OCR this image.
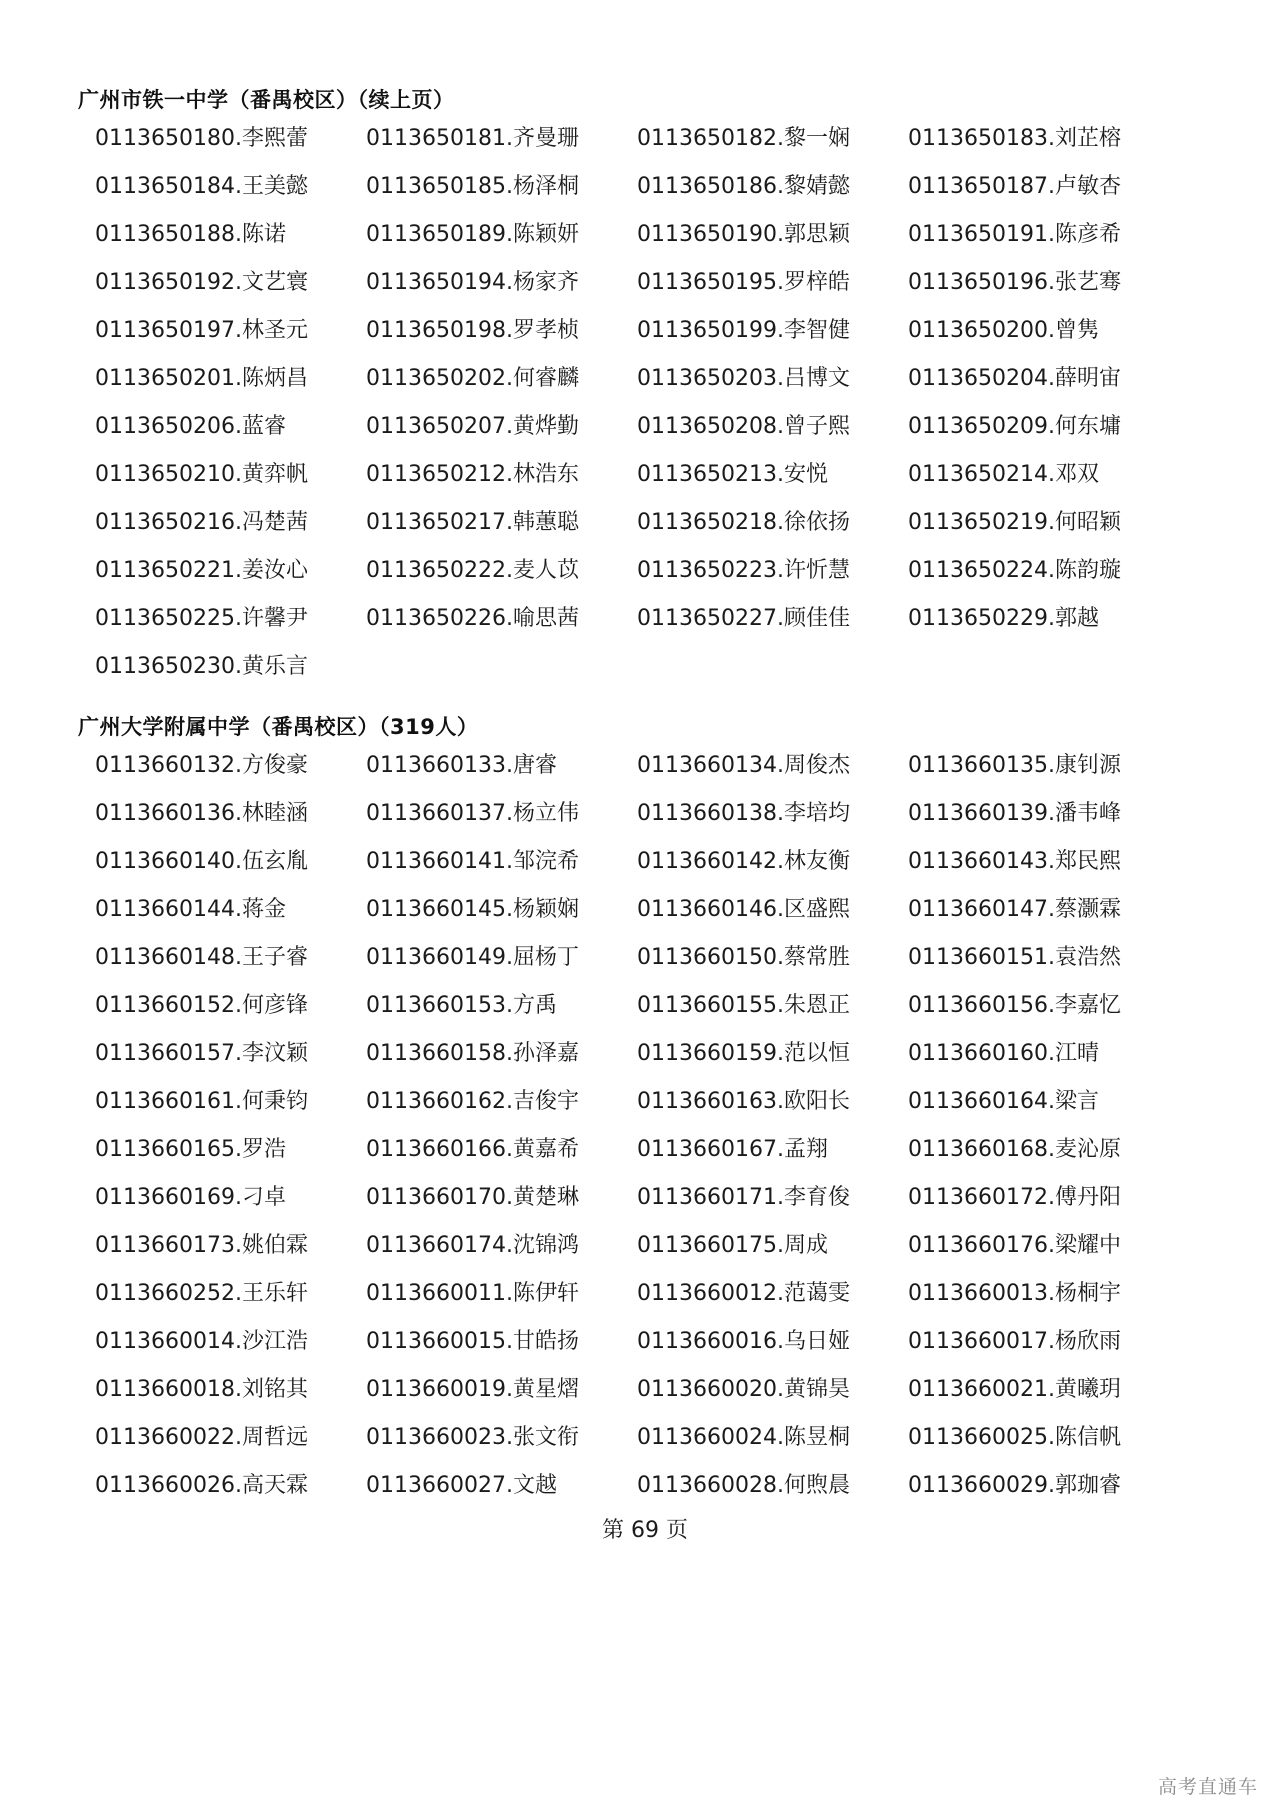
广州市铁一中学（番禺校区）（续上页）
0113650180.李熙蕾	0113650181.齐曼珊	0113650182.黎一娴	0113650183.刘芷榕
0113650184.王美懿	0113650185.杨泽桐	0113650186.黎婧懿	0113650187.卢敏杏
0113650188.陈诺	0113650189.陈颖妍	0113650190.郭思颖	0113650191.陈彦希
0113650192.文艺寰	0113650194.杨家齐	0113650195.罗梓皓	0113650196.张艺骞
0113650197.林圣元	0113650198.罗孝桢	0113650199.李智健	0113650200.曾隽
0113650201.陈炳昌	0113650202.何睿麟	0113650203.吕博文	0113650204.薛明宙
0113650206.蓝睿	0113650207.黄烨勤	0113650208.曾子熙	0113650209.何东墉
0113650210.黄弈帆	0113650212.林浩东	0113650213.安悦	0113650214.邓双
0113650216.冯楚茜	0113650217.韩蕙聪	0113650218.徐依扬	0113650219.何昭颖
0113650221.姜汝心	0113650222.麦人苡	0113650223.许忻慧	0113650224.陈韵璇
0113650225.许馨尹	0113650226.喻思茜	0113650227.顾佳佳	0113650229.郭越
0113650230.黄乐言
广州大学附属中学（番禺校区）（319人）
0113660132.方俊豪	0113660133.唐睿	0113660134.周俊杰	0113660135.康钊源
0113660136.林睦涵	0113660137.杨立伟	0113660138.李培均	0113660139.潘韦峰
0113660140.伍玄胤	0113660141.邹浣希	0113660142.林友衡	0113660143.郑民熙
0113660144.蒋金	0113660145.杨颖娴	0113660146.区盛熙	0113660147.蔡灏霖
0113660148.王子睿	0113660149.屈杨丁	0113660150.蔡常胜	0113660151.袁浩然
0113660152.何彦锋	0113660153.方禹	0113660155.朱恩正	0113660156.李嘉忆
0113660157.李汶颖	0113660158.孙泽嘉	0113660159.范以恒	0113660160.江晴
0113660161.何秉钧	0113660162.吉俊宇	0113660163.欧阳长	0113660164.梁言
0113660165.罗浩	0113660166.黄嘉希	0113660167.孟翔	0113660168.麦沁原
0113660169.刁卓	0113660170.黄楚琳	0113660171.李育俊	0113660172.傅丹阳
0113660173.姚伯霖	0113660174.沈锦鸿	0113660175.周成	0113660176.梁耀中
0113660252.王乐轩	0113660011.陈伊轩	0113660012.范蔼雯	0113660013.杨桐宇
0113660014.沙江浩	0113660015.甘皓扬	0113660016.乌日娅	0113660017.杨欣雨
0113660018.刘铭其	0113660019.黄星熠	0113660020.黄锦昊	0113660021.黄曦玥
0113660022.周哲远	0113660023.张文衔	0113660024.陈昱桐	0113660025.陈信帆
0113660026.高天霖	0113660027.文越	0113660028.何煦晨	0113660029.郭珈睿
第 69 页
高考直通车
